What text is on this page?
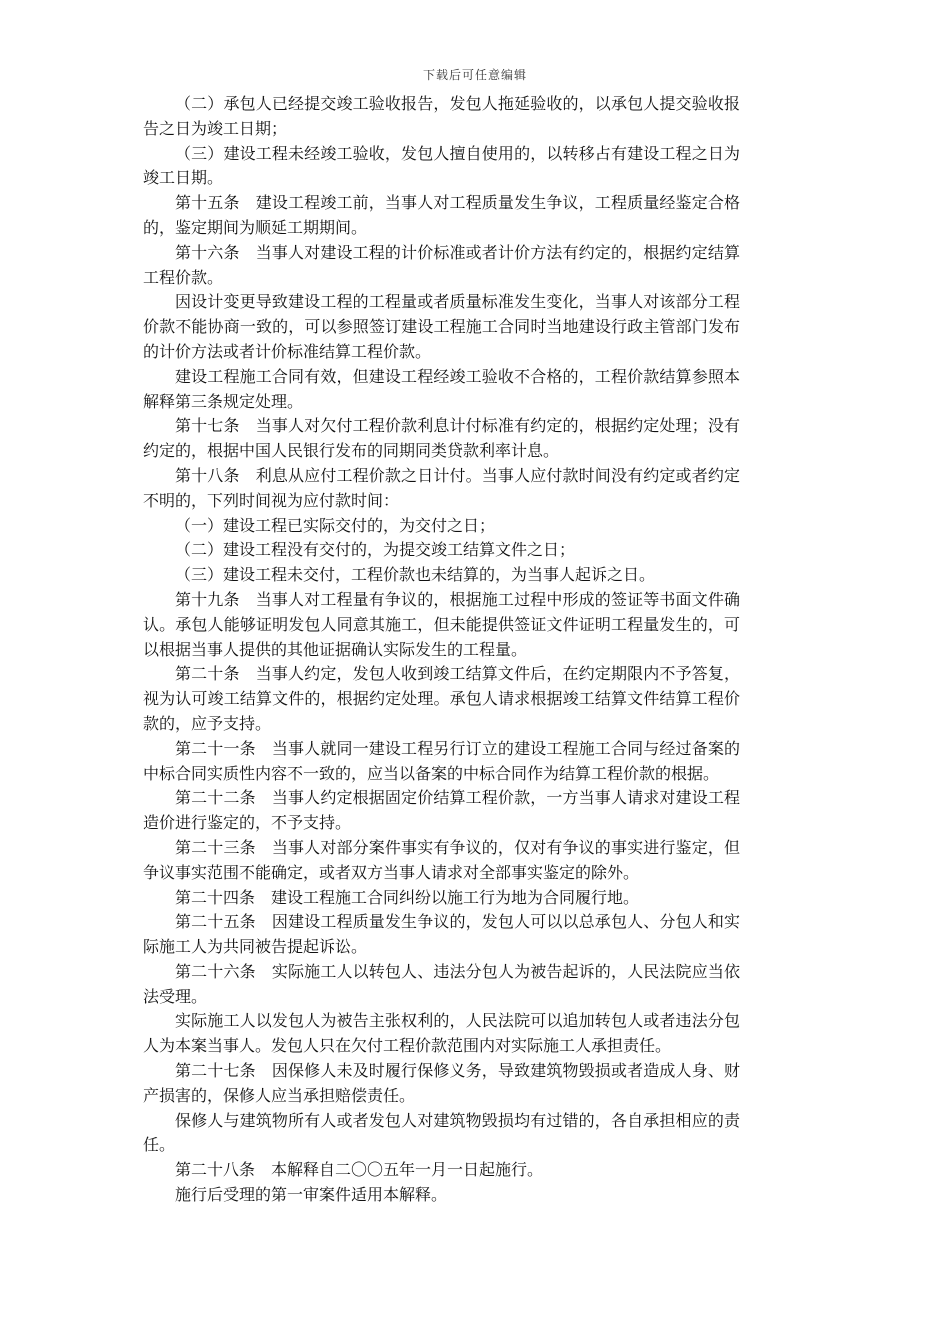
下载后可任意编辑

（二）承包人已经提交竣工验收报告，发包人拖延验收的，以承包人提交验收报告之日为竣工日期；

（三）建设工程未经竣工验收，发包人擅自使用的，以转移占有建设工程之日为竣工日期。

第十五条　建设工程竣工前，当事人对工程质量发生争议，工程质量经鉴定合格的，鉴定期间为顺延工期期间。

第十六条　当事人对建设工程的计价标准或者计价方法有约定的，根据约定结算工程价款。

因设计变更导致建设工程的工程量或者质量标准发生变化，当事人对该部分工程价款不能协商一致的，可以参照签订建设工程施工合同时当地建设行政主管部门发布的计价方法或者计价标准结算工程价款。

建设工程施工合同有效，但建设工程经竣工验收不合格的，工程价款结算参照本解释第三条规定处理。

第十七条　当事人对欠付工程价款利息计付标准有约定的，根据约定处理；没有约定的，根据中国人民银行发布的同期同类贷款利率计息。

第十八条　利息从应付工程价款之日计付。当事人应付款时间没有约定或者约定不明的，下列时间视为应付款时间：

（一）建设工程已实际交付的，为交付之日；

（二）建设工程没有交付的，为提交竣工结算文件之日；

（三）建设工程未交付，工程价款也未结算的，为当事人起诉之日。

第十九条　当事人对工程量有争议的，根据施工过程中形成的签证等书面文件确认。承包人能够证明发包人同意其施工，但未能提供签证文件证明工程量发生的，可以根据当事人提供的其他证据确认实际发生的工程量。

第二十条　当事人约定，发包人收到竣工结算文件后，在约定期限内不予答复，视为认可竣工结算文件的，根据约定处理。承包人请求根据竣工结算文件结算工程价款的，应予支持。

第二十一条　当事人就同一建设工程另行订立的建设工程施工合同与经过备案的中标合同实质性内容不一致的，应当以备案的中标合同作为结算工程价款的根据。

第二十二条　当事人约定根据固定价结算工程价款，一方当事人请求对建设工程造价进行鉴定的，不予支持。

第二十三条　当事人对部分案件事实有争议的，仅对有争议的事实进行鉴定，但争议事实范围不能确定，或者双方当事人请求对全部事实鉴定的除外。

第二十四条　建设工程施工合同纠纷以施工行为地为合同履行地。

第二十五条　因建设工程质量发生争议的，发包人可以以总承包人、分包人和实际施工人为共同被告提起诉讼。

第二十六条　实际施工人以转包人、违法分包人为被告起诉的，人民法院应当依法受理。

实际施工人以发包人为被告主张权利的，人民法院可以追加转包人或者违法分包人为本案当事人。发包人只在欠付工程价款范围内对实际施工人承担责任。

第二十七条　因保修人未及时履行保修义务，导致建筑物毁损或者造成人身、财产损害的，保修人应当承担赔偿责任。

保修人与建筑物所有人或者发包人对建筑物毁损均有过错的，各自承担相应的责任。

第二十八条　本解释自二〇〇五年一月一日起施行。

施行后受理的第一审案件适用本解释。
